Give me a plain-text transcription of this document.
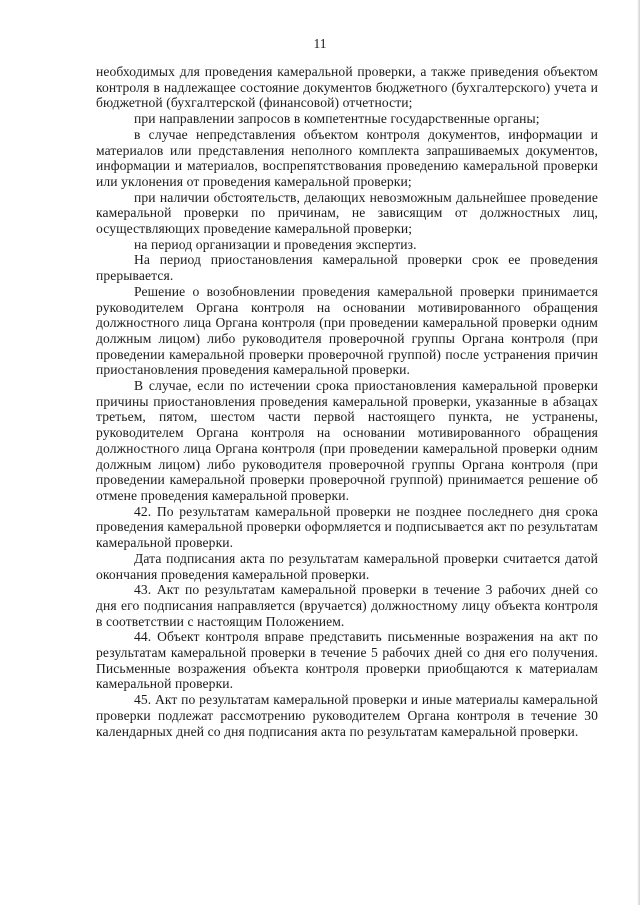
11

необходимых для проведения камеральной проверки, а также приведения объектом контроля в надлежащее состояние документов бюджетного (бухгалтерского) учета и бюджетной (бухгалтерской (финансовой) отчетности;

при направлении запросов в компетентные государственные органы;

в случае непредставления объектом контроля документов, информации и материалов или представления неполного комплекта запрашиваемых документов, информации и материалов, воспрепятствования проведению камеральной проверки или уклонения от проведения камеральной проверки;

при наличии обстоятельств, делающих невозможным дальнейшее проведение камеральной проверки по причинам, не зависящим от должностных лиц, осуществляющих проведение камеральной проверки;

на период организации и проведения экспертиз.

На период приостановления камеральной проверки срок ее проведения прерывается.

Решение о возобновлении проведения камеральной проверки принимается руководителем Органа контроля на основании мотивированного обращения должностного лица Органа контроля (при проведении камеральной проверки одним должным лицом) либо руководителя проверочной группы Органа контроля (при проведении камеральной проверки проверочной группой) после устранения причин приостановления проведения камеральной проверки.

В случае, если по истечении срока приостановления камеральной проверки причины приостановления проведения камеральной проверки, указанные в абзацах третьем, пятом, шестом части первой настоящего пункта, не устранены, руководителем Органа контроля на основании мотивированного обращения должностного лица Органа контроля (при проведении камеральной проверки одним должным лицом) либо руководителя проверочной группы Органа контроля (при проведении камеральной проверки проверочной группой) принимается решение об отмене проведения камеральной проверки.

42. По результатам камеральной проверки не позднее последнего дня срока проведения камеральной проверки оформляется и подписывается акт по результатам камеральной проверки.

Дата подписания акта по результатам камеральной проверки считается датой окончания проведения камеральной проверки.

43. Акт по результатам камеральной проверки в течение 3 рабочих дней со дня его подписания направляется (вручается) должностному лицу объекта контроля в соответствии с настоящим Положением.

44. Объект контроля вправе представить письменные возражения на акт по результатам камеральной проверки в течение 5 рабочих дней со дня его получения. Письменные возражения объекта контроля проверки приобщаются к материалам камеральной проверки.

45. Акт по результатам камеральной проверки и иные материалы камеральной проверки подлежат рассмотрению руководителем Органа контроля в течение 30 календарных дней со дня подписания акта по результатам камеральной проверки.
